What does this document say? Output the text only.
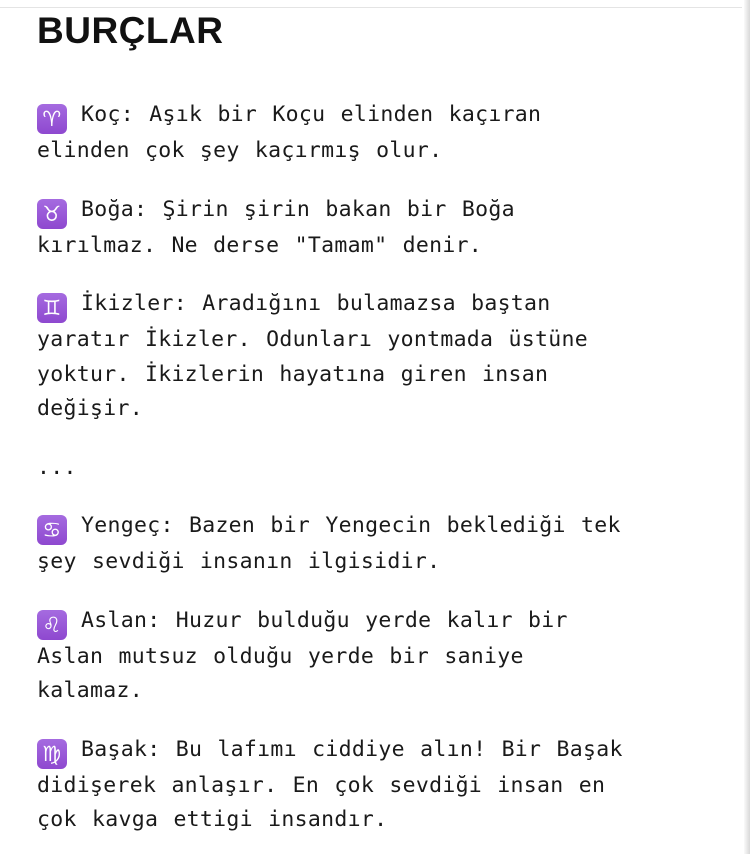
BURÇLAR

♈ Koç: Aşık bir Koçu elinden kaçıran
elinden çok şey kaçırmış olur.

♉ Boğa: Şirin şirin bakan bir Boğa
kırılmaz. Ne derse "Tamam" denir.

♊ İkizler: Aradığını bulamazsa baştan
yaratır İkizler. Odunları yontmada üstüne
yoktur. İkizlerin hayatına giren insan
değişir.

...

♋ Yengeç: Bazen bir Yengecin beklediği tek
şey sevdiği insanın ilgisidir.

♌ Aslan: Huzur bulduğu yerde kalır bir
Aslan mutsuz olduğu yerde bir saniye
kalamaz.

♍ Başak: Bu lafımı ciddiye alın! Bir Başak
didişerek anlaşır. En çok sevdiği insan en
çok kavga ettigi insandır.
